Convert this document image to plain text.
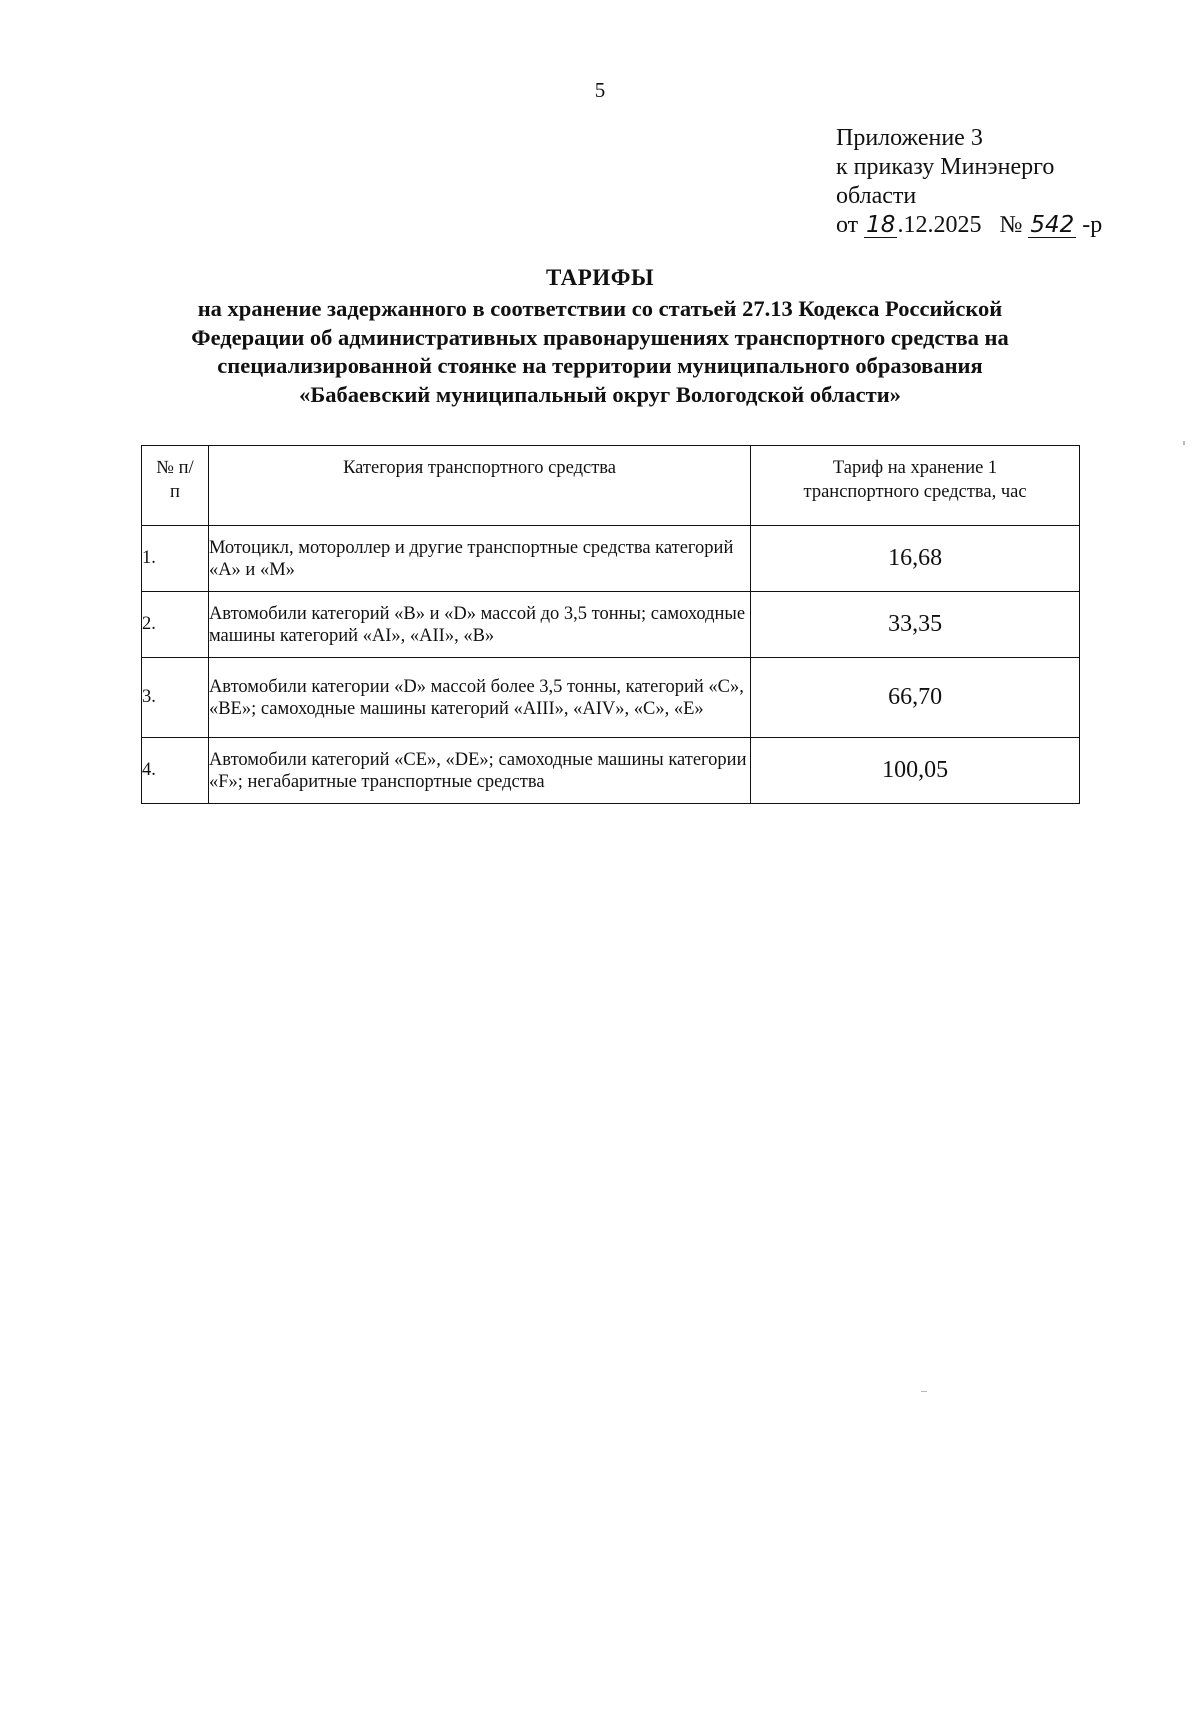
5
Приложение 3
к приказу Минэнерго
области
от 18.12.2025 № 542 -р
ТАРИФЫ
на хранение задержанного в соответствии со статьей 27.13 Кодекса Российской Федерации об административных правонарушениях транспортного средства на специализированной стоянке на территории муниципального образования «Бабаевский муниципальный округ Вологодской области»
№ п/п	Категория транспортного средства	Тариф на хранение 1 транспортного средства, час
1.	Мотоцикл, мотороллер и другие транспортные средства категорий «А» и «М»	16,68
2.	Автомобили категорий «В» и «D» массой до 3,5 тонны; самоходные машины категорий «AI», «AII», «В»	33,35
3.	Автомобили категории «D» массой более 3,5 тонны, категорий «С», «ВЕ»; самоходные машины категорий «AIII», «AIV», «С», «Е»	66,70
4.	Автомобили категорий «СЕ», «DE»; самоходные машины категории «F»; негабаритные транспортные средства	100,05
